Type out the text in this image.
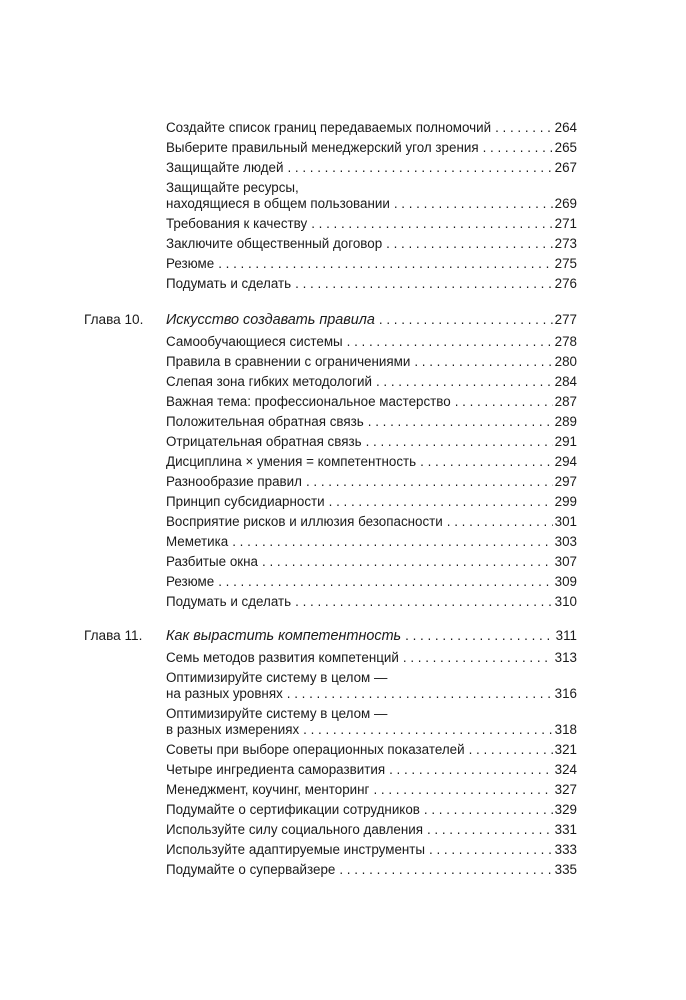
Создайте список границ передаваемых полномочий . . .	264
Выберите правильный менеджерский угол зрения . . .	265
Защищайте людей . . .	267
Защищайте ресурсы,
находящиеся в общем пользовании . . .	269
Требования к качеству . . .	271
Заключите общественный договор . . .	273
Резюме . . .	275
Подумать и сделать . . .	276
Глава 10. Искусство создавать правила . . .	277
Самообучающиеся системы . . .	278
Правила в сравнении с ограничениями . . .	280
Слепая зона гибких методологий . . .	284
Важная тема: профессиональное мастерство . . .	287
Положительная обратная связь . . .	289
Отрицательная обратная связь . . .	291
Дисциплина × умения = компетентность . . .	294
Разнообразие правил . . .	297
Принцип субсидиарности . . .	299
Восприятие рисков и иллюзия безопасности . . .	301
Меметика . . .	303
Разбитые окна . . .	307
Резюме . . .	309
Подумать и сделать . . .	310
Глава 11. Как вырастить компетентность . . .	311
Семь методов развития компетенций . . .	313
Оптимизируйте систему в целом —
на разных уровнях . . .	316
Оптимизируйте систему в целом —
в разных измерениях . . .	318
Советы при выборе операционных показателей . . .	321
Четыре ингредиента саморазвития . . .	324
Менеджмент, коучинг, менторинг . . .	327
Подумайте о сертификации сотрудников . . .	329
Используйте силу социального давления . . .	331
Используйте адаптируемые инструменты . . .	333
Подумайте о супервайзере . . .	335
